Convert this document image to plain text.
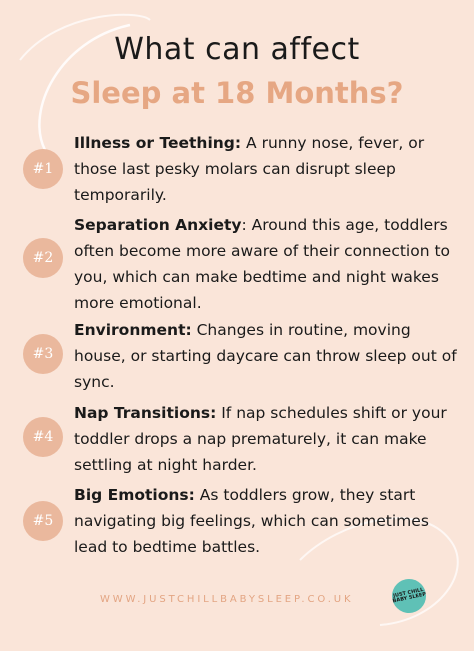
What can affect
Sleep at 18 Months?
#1
Illness or Teething: A runny nose, fever, or those last pesky molars can disrupt sleep temporarily.
#2
Separation Anxiety: Around this age, toddlers often become more aware of their connection to you, which can make bedtime and night wakes more emotional.
#3
Environment: Changes in routine, moving house, or starting daycare can throw sleep out of sync.
#4
Nap Transitions: If nap schedules shift or your toddler drops a nap prematurely, it can make settling at night harder.
#5
Big Emotions: As toddlers grow, they start navigating big feelings, which can sometimes lead to bedtime battles.
WWW.JUSTCHILLBABYSLEEP.CO.UK
JUST CHILL BABY SLEEP
